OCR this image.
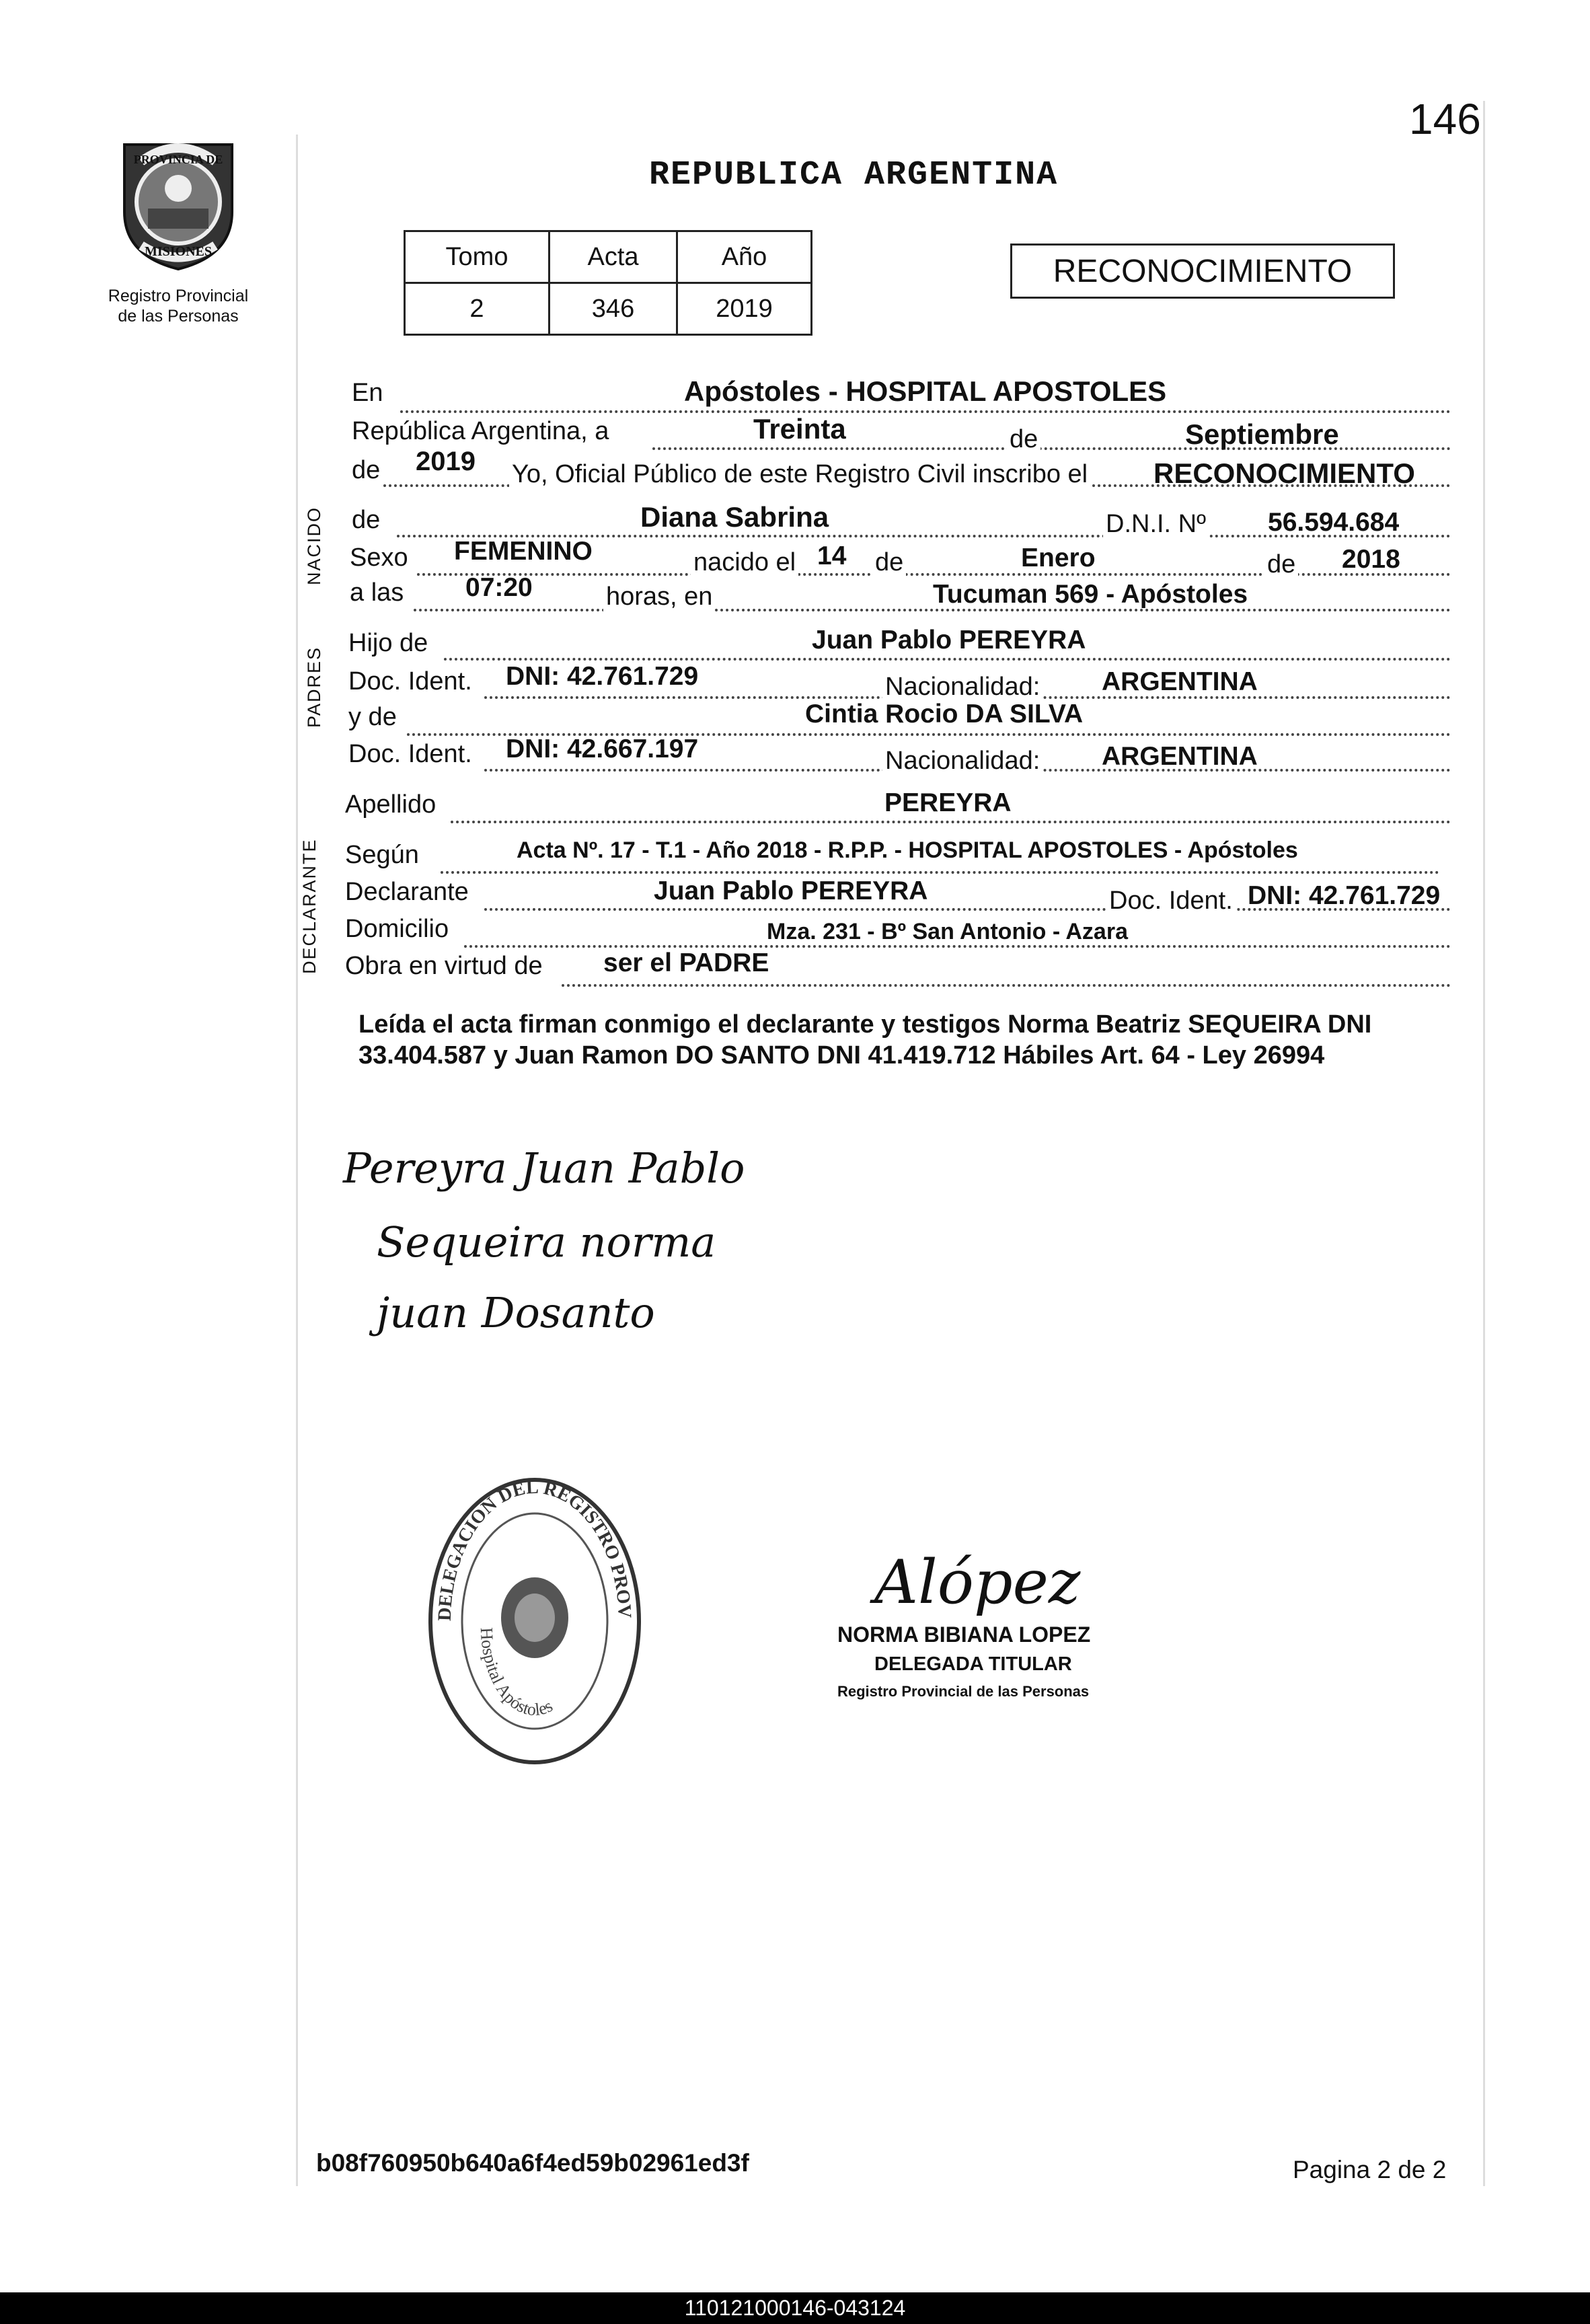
146
PROVINCIA DE
MISIONES
Registro Provincial
de las Personas
REPUBLICA ARGENTINA
Tomo	Acta	Año
2	346	2019
RECONOCIMIENTO
NACIDO
PADRES
DECLARANTE
En	Apóstoles - HOSPITAL APOSTOLES
República Argentina, a	Treinta	de	Septiembre
de 2019 Yo, Oficial Público de este Registro Civil inscribo el RECONOCIMIENTO
de	Diana Sabrina	D.N.I. Nº 56.594.684
Sexo FEMENINO	nacido el 14 de	Enero	de 2018
a las 07:20	horas, en	Tucuman 569 - Apóstoles
Hijo de	Juan Pablo PEREYRA
Doc. Ident. DNI: 42.761.729	Nacionalidad: ARGENTINA
y de	Cintia Rocio DA SILVA
Doc. Ident. DNI: 42.667.197	Nacionalidad: ARGENTINA
Apellido	PEREYRA
Según	Acta Nº. 17 - T.1 - Año 2018 - R.P.P. - HOSPITAL APOSTOLES - Apóstoles
Declarante	Juan Pablo PEREYRA	Doc. Ident. DNI: 42.761.729
Domicilio	Mza. 231 - Bº San Antonio - Azara
Obra en virtud de ser el PADRE
Leída el acta firman conmigo el declarante y testigos Norma Beatriz SEQUEIRA DNI 33.404.587 y Juan Ramon DO SANTO DNI 41.419.712 Hábiles Art. 64 - Ley 26994
Pereyra Juan Pablo
Sequeira norma
juan Dosanto
DELEGACION DEL REGISTRO PROV
Hospital Apóstoles
Alópez
NORMA BIBIANA LOPEZ
DELEGADA TITULAR
Registro Provincial de las Personas
b08f760950b640a6f4ed59b02961ed3f	Pagina 2 de 2
110121000146-043124
